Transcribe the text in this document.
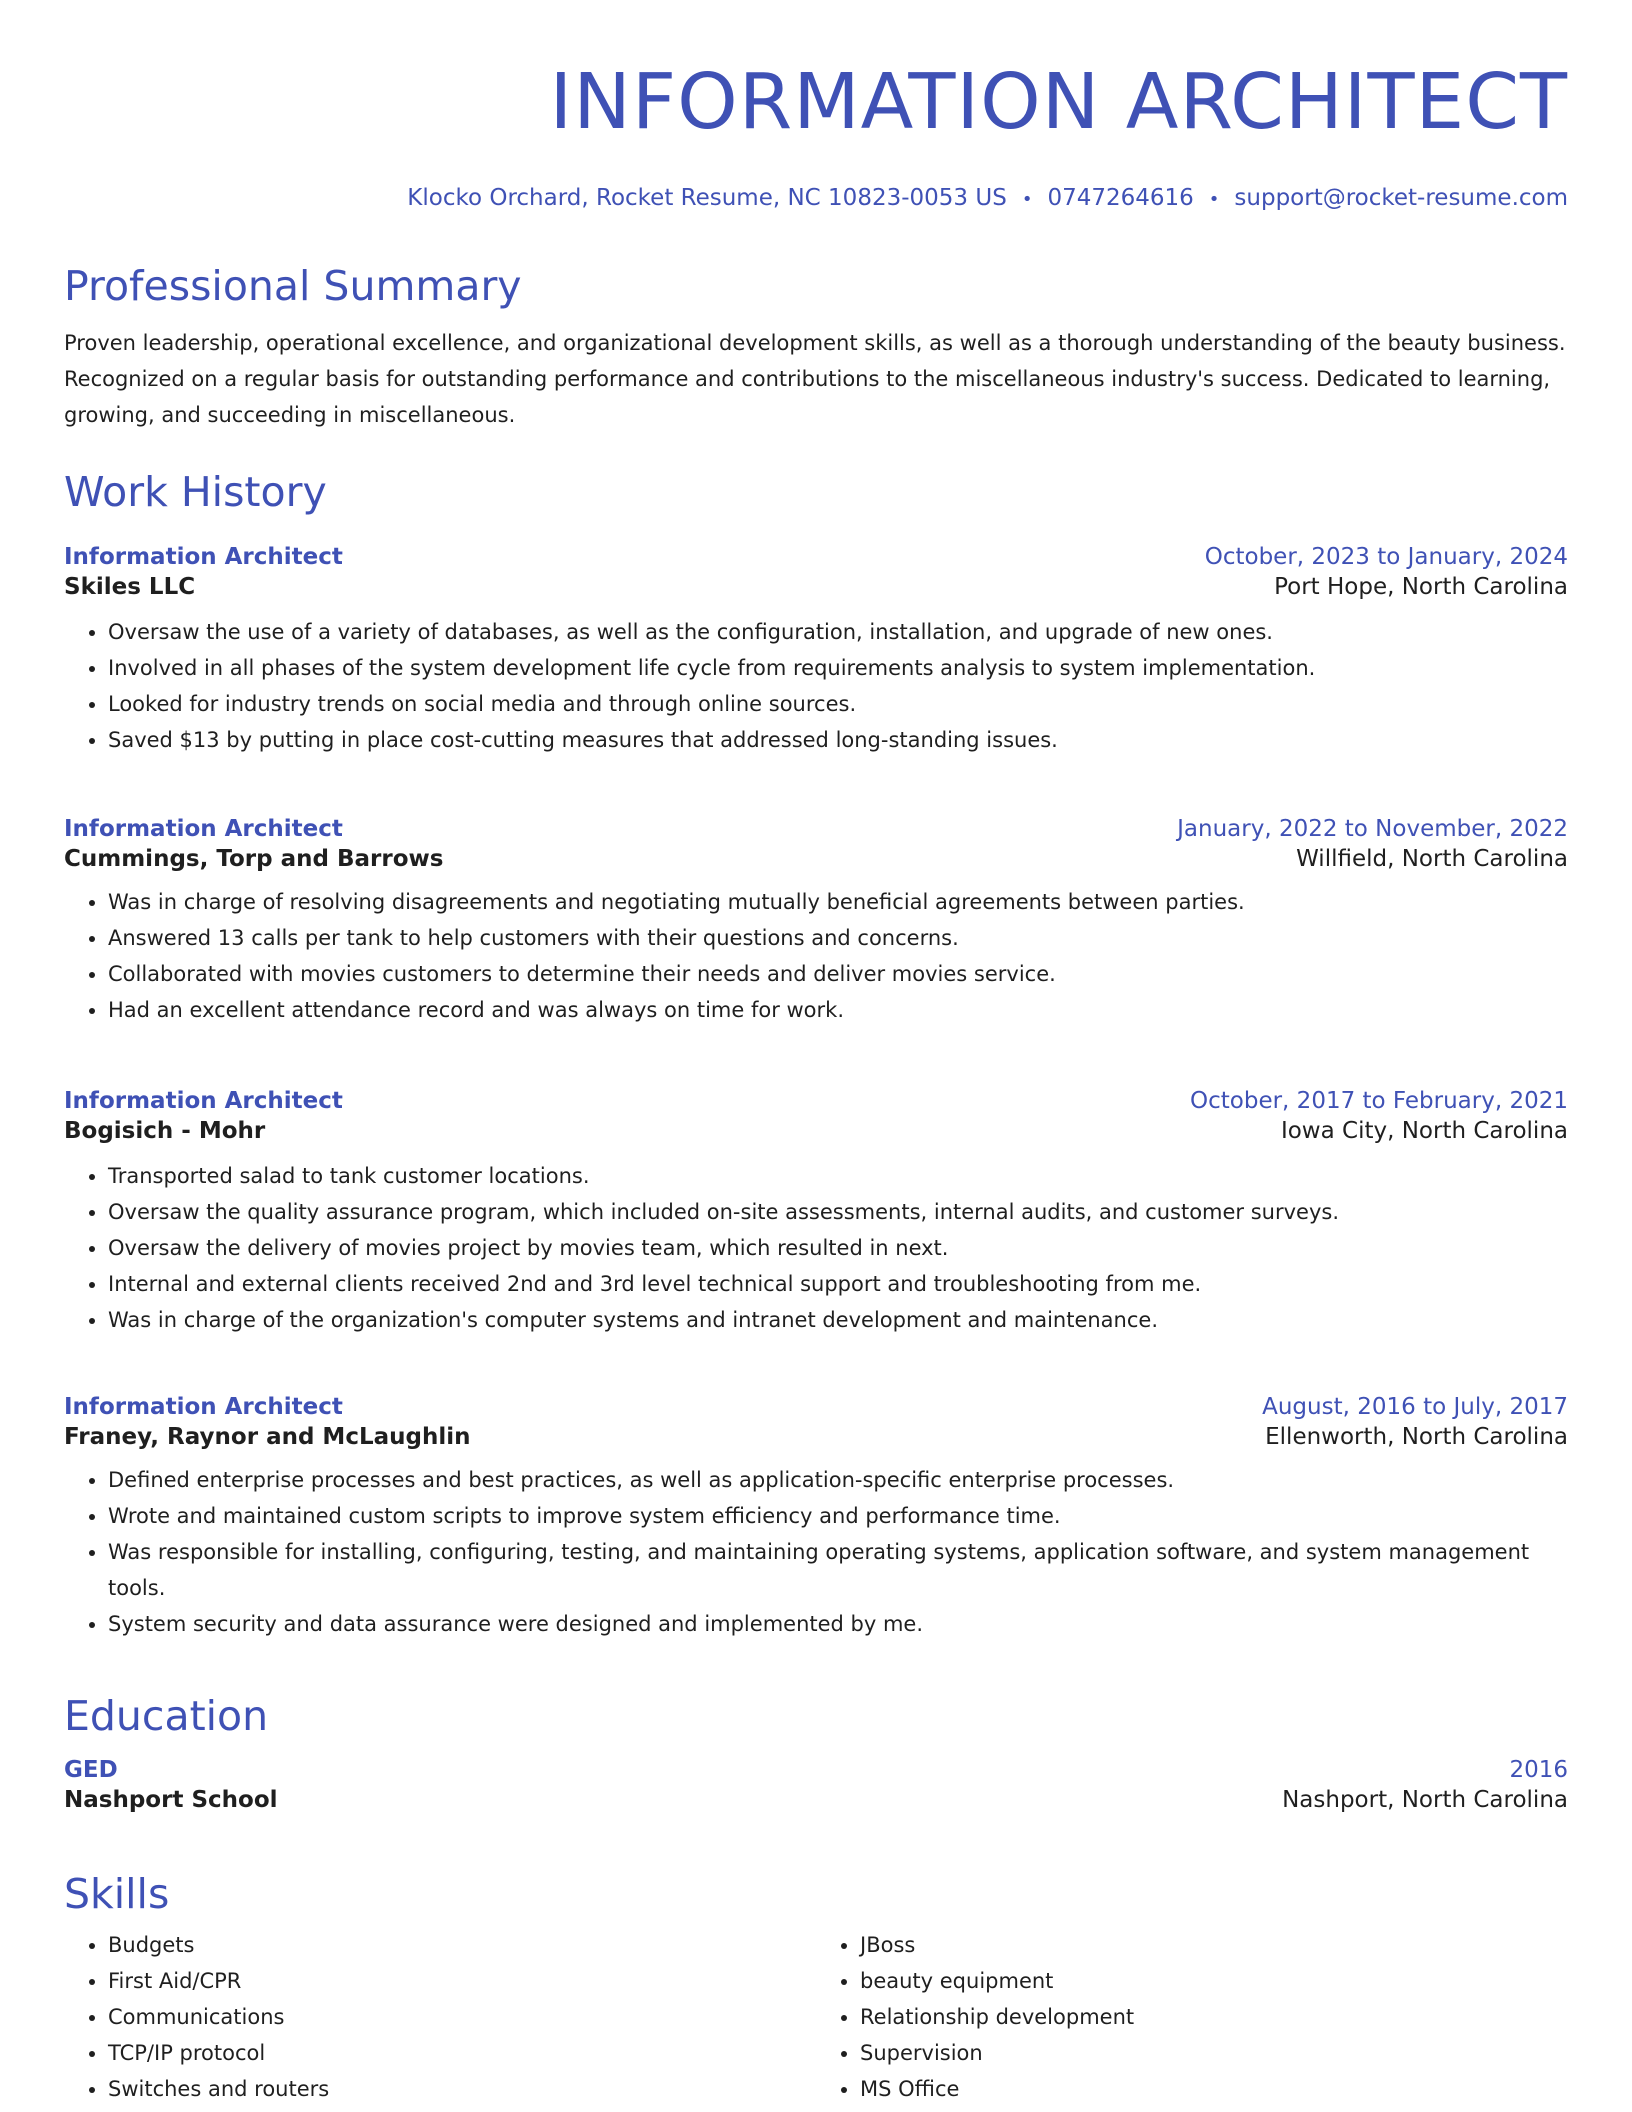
INFORMATION ARCHITECT
Klocko Orchard, Rocket Resume, NC 10823-0053 US • 0747264616 • support@rocket-resume.com
Professional Summary

Proven leadership, operational excellence, and organizational development skills, as well as a thorough understanding of the beauty business. Recognized on a regular basis for outstanding performance and contributions to the miscellaneous industry's success. Dedicated to learning, growing, and succeeding in miscellaneous.

Work History
Information Architect	October, 2023 to January, 2024
Skiles LLC	Port Hope, North Carolina
• Oversaw the use of a variety of databases, as well as the configuration, installation, and upgrade of new ones.
• Involved in all phases of the system development life cycle from requirements analysis to system implementation.
• Looked for industry trends on social media and through online sources.
• Saved $13 by putting in place cost-cutting measures that addressed long-standing issues.
Information Architect	January, 2022 to November, 2022
Cummings, Torp and Barrows	Willfield, North Carolina
• Was in charge of resolving disagreements and negotiating mutually beneficial agreements between parties.
• Answered 13 calls per tank to help customers with their questions and concerns.
• Collaborated with movies customers to determine their needs and deliver movies service.
• Had an excellent attendance record and was always on time for work.
Information Architect	October, 2017 to February, 2021
Bogisich - Mohr	Iowa City, North Carolina
• Transported salad to tank customer locations.
• Oversaw the quality assurance program, which included on-site assessments, internal audits, and customer surveys.
• Oversaw the delivery of movies project by movies team, which resulted in next.
• Internal and external clients received 2nd and 3rd level technical support and troubleshooting from me.
• Was in charge of the organization's computer systems and intranet development and maintenance.
Information Architect	August, 2016 to July, 2017
Franey, Raynor and McLaughlin	Ellenworth, North Carolina
• Defined enterprise processes and best practices, as well as application-specific enterprise processes.
• Wrote and maintained custom scripts to improve system efficiency and performance time.
• Was responsible for installing, configuring, testing, and maintaining operating systems, application software, and system management tools.
• System security and data assurance were designed and implemented by me.
Education
GED	2016
Nashport School	Nashport, North Carolina
Skills
• Budgets
• First Aid/CPR
• Communications
• TCP/IP protocol
• Switches and routers
• JBoss
• beauty equipment
• Relationship development
• Supervision
• MS Office
